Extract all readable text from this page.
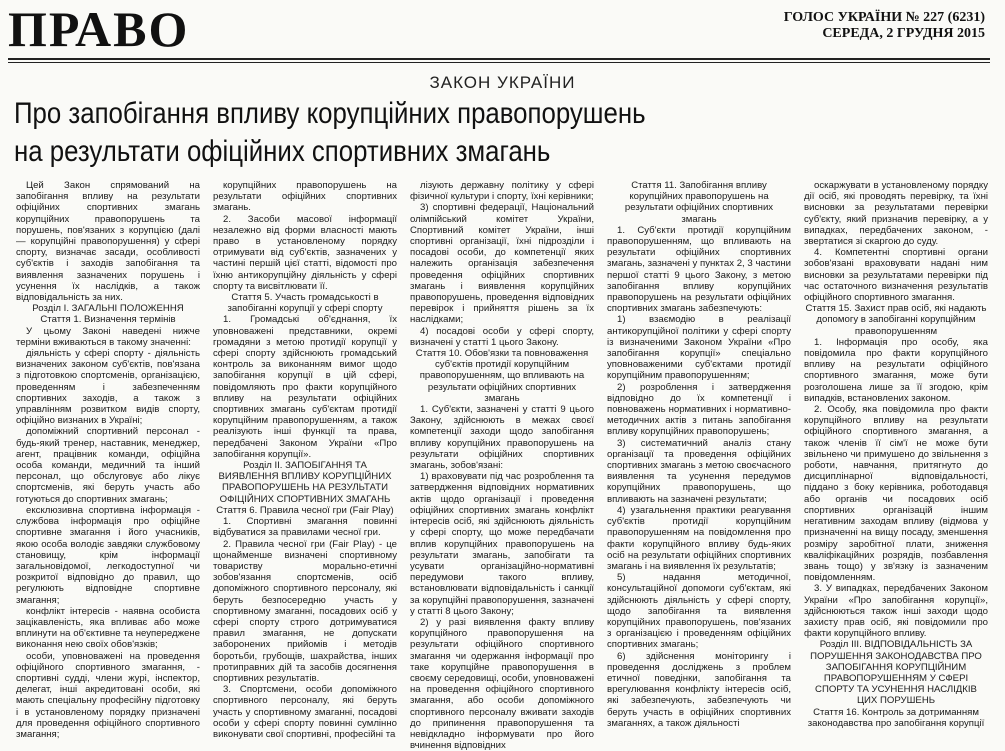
ПРАВО	ГОЛОС УКРАЇНИ № 227 (6231)
СЕРЕДА, 2 ГРУДНЯ 2015
ЗАКОН УКРАЇНИ
Про запобігання впливу корупційних правопорушень
на результати офіційних спортивних змагань

Цей Закон спрямований на запобігання впливу на результати офіційних спортивних змагань корупційних правопорушень та порушень, пов'язаних з корупцією (далі — корупційні правопорушення) у сфері спорту, визначає засади, особливості суб'єктів і заходів запобігання та виявлення зазначених порушень і усунення їх наслідків, а також відповідальність за них.

Розділ I. ЗАГАЛЬНІ ПОЛОЖЕННЯ

Стаття 1. Визначення термінів

У цьому Законі наведені нижче терміни вживаються в такому значенні:

діяльність у сфері спорту - діяльність визначених законом суб'єктів, пов'язана з підготовкою спортсменів, організацією, проведенням і забезпеченням спортивних заходів, а також з управлінням розвитком видів спорту, офіційно визнаних в Україні;

допоміжний спортивний персонал - будь-який тренер, наставник, менеджер, агент, працівник команди, офіційна особа команди, медичний та інший персонал, що обслуговує або лікує спортсменів, які беруть участь або готуються до спортивних змагань;

ексклюзивна спортивна інформація - службова інформація про офіційне спортивне змагання і його учасників, якою особа володіє завдяки службовому становищу, крім інформації загальновідомої, легкодоступної чи розкритої відповідно до правил, що регулюють відповідне спортивне змагання;

конфлікт інтересів - наявна особиста зацікавленість, яка впливає або може вплинути на об'єктивне та неупереджене виконання нею своїх обов'язків;

особи, уповноважені на проведення офіційного спортивного змагання, - спортивні судді, члени журі, інспектор, делегат, інші акредитовані особи, які мають спеціальну професійну підготовку і в установленому порядку призначені для проведення офіційного спортивного змагання;

корупційних правопорушень на результати офіційних спортивних змагань.

2. Засоби масової інформації незалежно від форми власності мають право в установленому порядку отримувати від суб'єктів, зазначених у частині першій цієї статті, відомості про їхню антикорупційну діяльність у сфері спорту та висвітлювати її.

Стаття 5. Участь громадськості в запобіганні корупції у сфері спорту

1. Громадські об'єднання, їх уповноважені представники, окремі громадяни з метою протидії корупції у сфері спорту здійснюють громадський контроль за виконанням вимог щодо запобігання корупції в цій сфері, повідомляють про факти корупційного впливу на результати офіційних спортивних змагань суб'єктам протидії корупційним правопорушенням, а також реалізують інші функції та права, передбачені Законом України «Про запобігання корупції».

Розділ II. ЗАПОБІГАННЯ ТА ВИЯВЛЕННЯ ВПЛИВУ КОРУПЦІЙНИХ ПРАВОПОРУШЕНЬ НА РЕЗУЛЬТАТИ ОФІЦІЙНИХ СПОРТИВНИХ ЗМАГАНЬ

Стаття 6. Правила чесної гри (Fair Play)

1. Спортивні змагання повинні відбуватися за правилами чесної гри.

2. Правила чесної гри (Fair Play) - це щонайменше визначені спортивному товариству морально-етичні зобов'язання спортсменів, осіб допоміжного спортивного персоналу, які беруть безпосередню участь у спортивному змаганні, посадових осіб у сфері спорту строго дотримуватися правил змагання, не допускати заборонених прийомів і методів боротьби, грубощів, шахрайства, інших протиправних дій та засобів досягнення спортивних результатів.

3. Спортсмени, особи допоміжного спортивного персоналу, які беруть участь у спортивному змаганні, посадові особи у сфері спорту повинні сумлінно виконувати свої спортивні, професійні та

лізують державну політику у сфері фізичної культури і спорту, їхні керівники;

3) спортивні федерації, Національний олімпійський комітет України, Спортивний комітет України, інші спортивні організації, їхні підрозділи і посадові особи, до компетенції яких належить організація забезпечення проведення офіційних спортивних змагань і виявлення корупційних правопорушень, проведення відповідних перевірок і прийняття рішень за їх наслідками;

4) посадові особи у сфері спорту, визначені у статті 1 цього Закону.

Стаття 10. Обов'язки та повноваження суб'єктів протидії корупційним правопорушенням, що впливають на результати офіційних спортивних змагань

1. Суб'єкти, зазначені у статті 9 цього Закону, здійснюють в межах своєї компетенції заходи щодо запобігання впливу корупційних правопорушень на результати офіційних спортивних змагань, зобов'язані:

1) враховувати під час розроблення та затвердження відповідних нормативних актів щодо організації і проведення офіційних спортивних змагань конфлікт інтересів осіб, які здійснюють діяльність у сфері спорту, що може передбачати вплив корупційних правопорушень на результати змагань, запобігати та усувати організаційно-нормативні передумови такого впливу, встановлювати відповідальність і санкції за корупційні правопорушення, зазначені у статті 8 цього Закону;

2) у разі виявлення факту впливу корупційного правопорушення на результати офіційного спортивного змагання чи одержання інформації про таке корупційне правопорушення в своєму середовищі, особи, уповноважені на проведення офіційного спортивного змагання, або особи допоміжного спортивного персоналу вживати заходів до припинення правопорушення та невідкладно інформувати про його вчинення відповідних

Стаття 11. Запобігання впливу корупційних правопорушень на результати офіційних спортивних змагань

1. Суб'єкти протидії корупційним правопорушенням, що впливають на результати офіційних спортивних змагань, зазначені у пунктах 2, 3 частини першої статті 9 цього Закону, з метою запобігання впливу корупційних правопорушень на результати офіційних спортивних змагань забезпечують:

1) взаємодію в реалізації антикорупційної політики у сфері спорту із визначеними Законом України «Про запобігання корупції» спеціально уповноваженими суб'єктами протидії корупційним правопорушенням;

2) розроблення і затвердження відповідно до їх компетенції і повноважень нормативних і нормативно-методичних актів з питань запобігання впливу корупційних правопорушень;

3) систематичний аналіз стану організації та проведення офіційних спортивних змагань з метою своєчасного виявлення та усунення передумов корупційних правопорушень, що впливають на зазначені результати;

4) узагальнення практики реагування суб'єктів протидії корупційним правопорушенням на повідомлення про факти корупційного впливу будь-яких осіб на результати офіційних спортивних змагань і на виявлення їх результатів;

5) надання методичної, консультаційної допомоги суб'єктам, які здійснюють діяльність у сфері спорту, щодо запобігання та виявлення корупційних правопорушень, пов'язаних з організацією і проведенням офіційних спортивних змагань;

6) здійснення моніторингу і проведення досліджень з проблем етичної поведінки, запобігання та врегулювання конфлікту інтересів осіб, які забезпечують, забезпечують чи беруть участь в офіційних спортивних змаганнях, а також діяльності

оскаржувати в установленому порядку дії осіб, які проводять перевірку, та їхні висновки за результатами перевірки суб'єкту, який призначив перевірку, а у випадках, передбачених законом, - звертатися зі скаргою до суду.

4. Компетентні спортивні органи зобов'язані враховувати надані ним висновки за результатами перевірки під час остаточного визначення результатів офіційного спортивного змагання.

Стаття 15. Захист прав осіб, які надають допомогу в запобіганні корупційним правопорушенням

1. Інформація про особу, яка повідомила про факти корупційного впливу на результати офіційного спортивного змагання, може бути розголошена лише за її згодою, крім випадків, встановлених законом.

2. Особу, яка повідомила про факти корупційного впливу на результати офіційного спортивного змагання, а також членів її сім'ї не може бути звільнено чи примушено до звільнення з роботи, навчання, притягнуто до дисциплінарної відповідальності, піддано з боку керівника, роботодавця або органів чи посадових осіб спортивних організацій іншим негативним заходам впливу (відмова у призначенні на вищу посаду, зменшення розміру заробітної плати, зниження кваліфікаційних розрядів, позбавлення звань тощо) у зв'язку із зазначеним повідомленням.

3. У випадках, передбачених Законом України «Про запобігання корупції», здійснюються також інші заходи щодо захисту прав осіб, які повідомили про факти корупційного впливу.

Розділ III. ВІДПОВІДАЛЬНІСТЬ ЗА ПОРУШЕННЯ ЗАКОНОДАВСТВА ПРО ЗАПОБІГАННЯ КОРУПЦІЙНИМ ПРАВОПОРУШЕННЯМ У СФЕРІ СПОРТУ ТА УСУНЕННЯ НАСЛІДКІВ ЦИХ ПОРУШЕНЬ

Стаття 16. Контроль за дотриманням законодавства про запобігання корупції
